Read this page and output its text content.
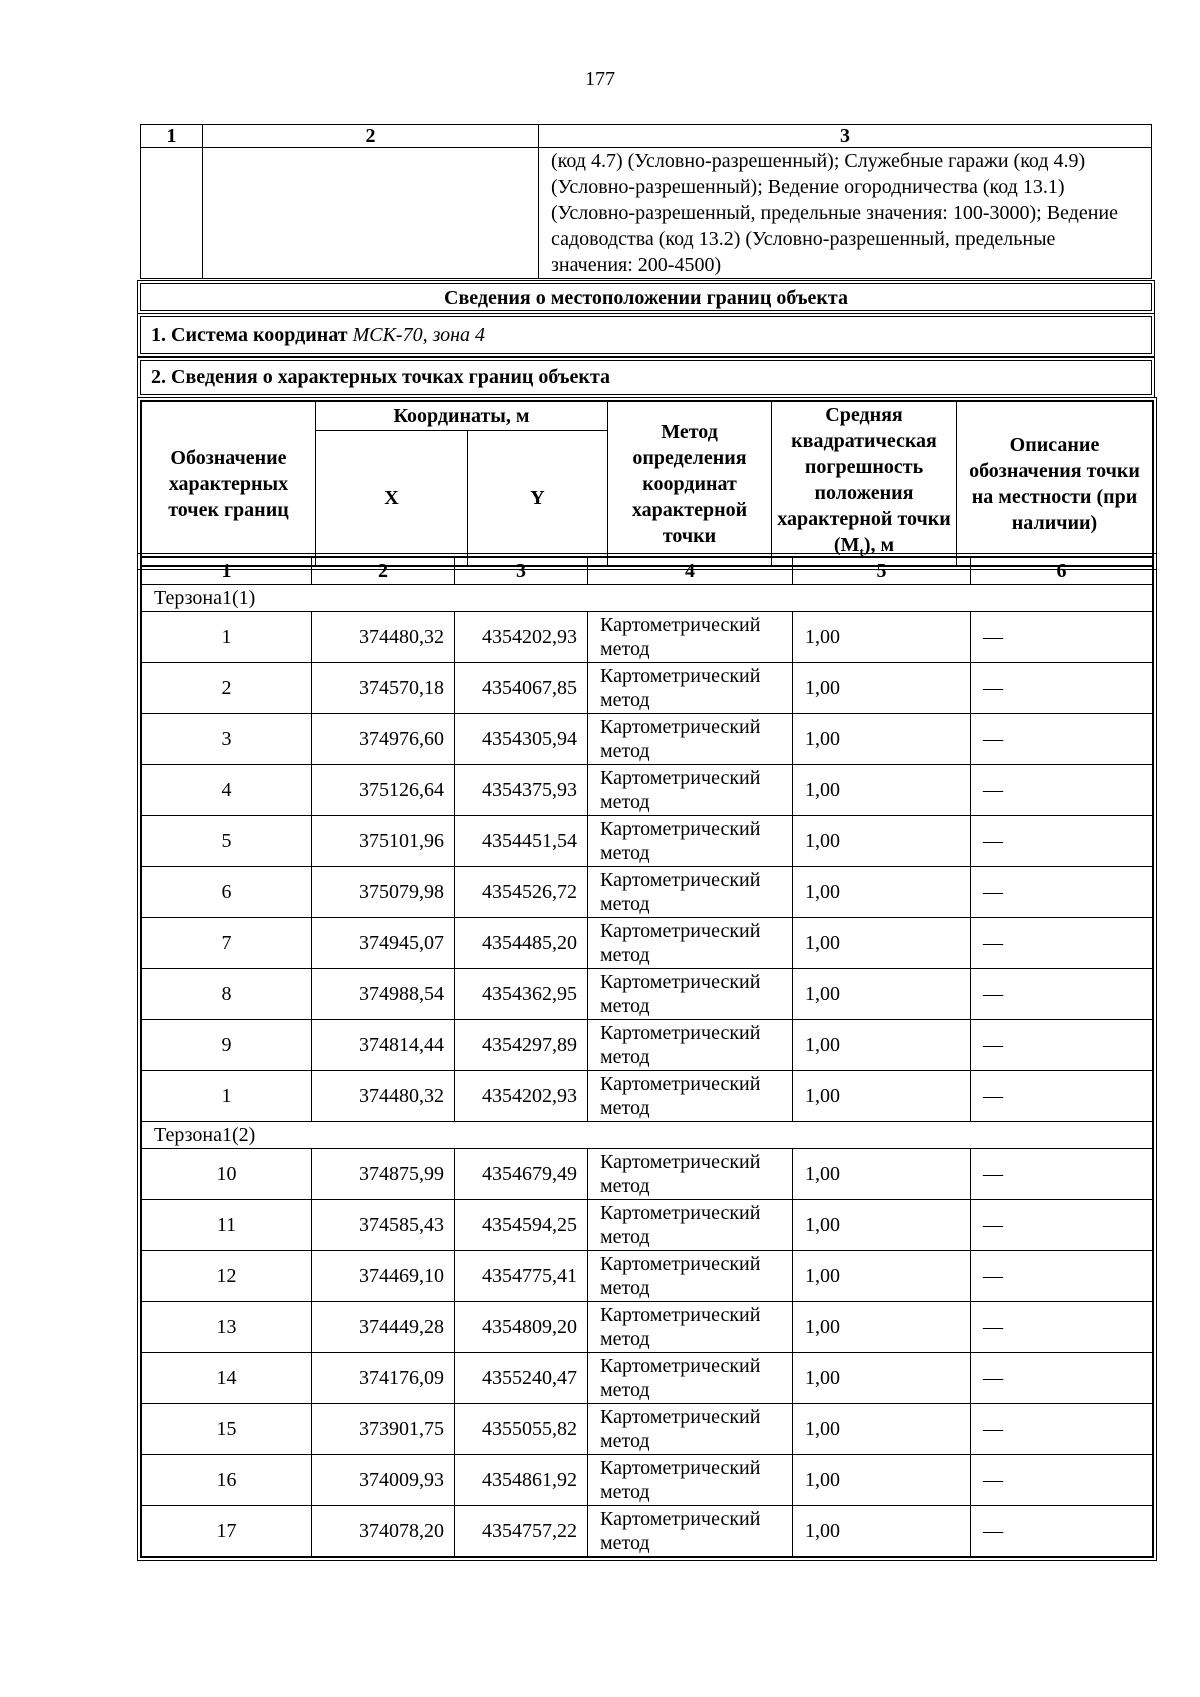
177
1	2	3

		(код 4.7) (Условно-разрешенный); Служебные гаражи (код 4.9) (Условно-разрешенный); Ведение огородничества (код 13.1) (Условно-разрешенный, предельные значения: 100-3000); Ведение садоводства (код 13.2) (Условно-разрешенный, предельные значения: 200-4500)
Сведения о местоположении границ объекта
1. Система координат МСК-70, зона 4
2. Сведения о характерных точках границ объекта
Обозначение характерных точек границ	Координаты, м		Метод определения координат характерной точки	Средняя квадратическая погрешность положения характерной точки $(M_t)$, м	Описание обозначения точки на местности (при наличии)
	X	Y			
1	2	3	4	5	6
Терзона1(1)					
1	374480,32	4354202,93	Картометрический метод	1,00	—
2	374570,18	4354067,85	Картометрический метод	1,00	—
3	374976,60	4354305,94	Картометрический метод	1,00	—
4	375126,64	4354375,93	Картометрический метод	1,00	—
5	375101,96	4354451,54	Картометрический метод	1,00	—
6	375079,98	4354526,72	Картометрический метод	1,00	—
7	374945,07	4354485,20	Картометрический метод	1,00	—
8	374988,54	4354362,95	Картометрический метод	1,00	—
9	374814,44	4354297,89	Картометрический метод	1,00	—
1	374480,32	4354202,93	Картометрический метод	1,00	—
Терзона1(2)					
10	374875,99	4354679,49	Картометрический метод	1,00	—
11	374585,43	4354594,25	Картометрический метод	1,00	—
12	374469,10	4354775,41	Картометрический метод	1,00	—
13	374449,28	4354809,20	Картометрический метод	1,00	—
14	374176,09	4355240,47	Картометрический метод	1,00	—
15	373901,75	4355055,82	Картометрический метод	1,00	—
16	374009,93	4354861,92	Картометрический метод	1,00	—
17	374078,20	4354757,22	Картометрический метод	1,00	—
